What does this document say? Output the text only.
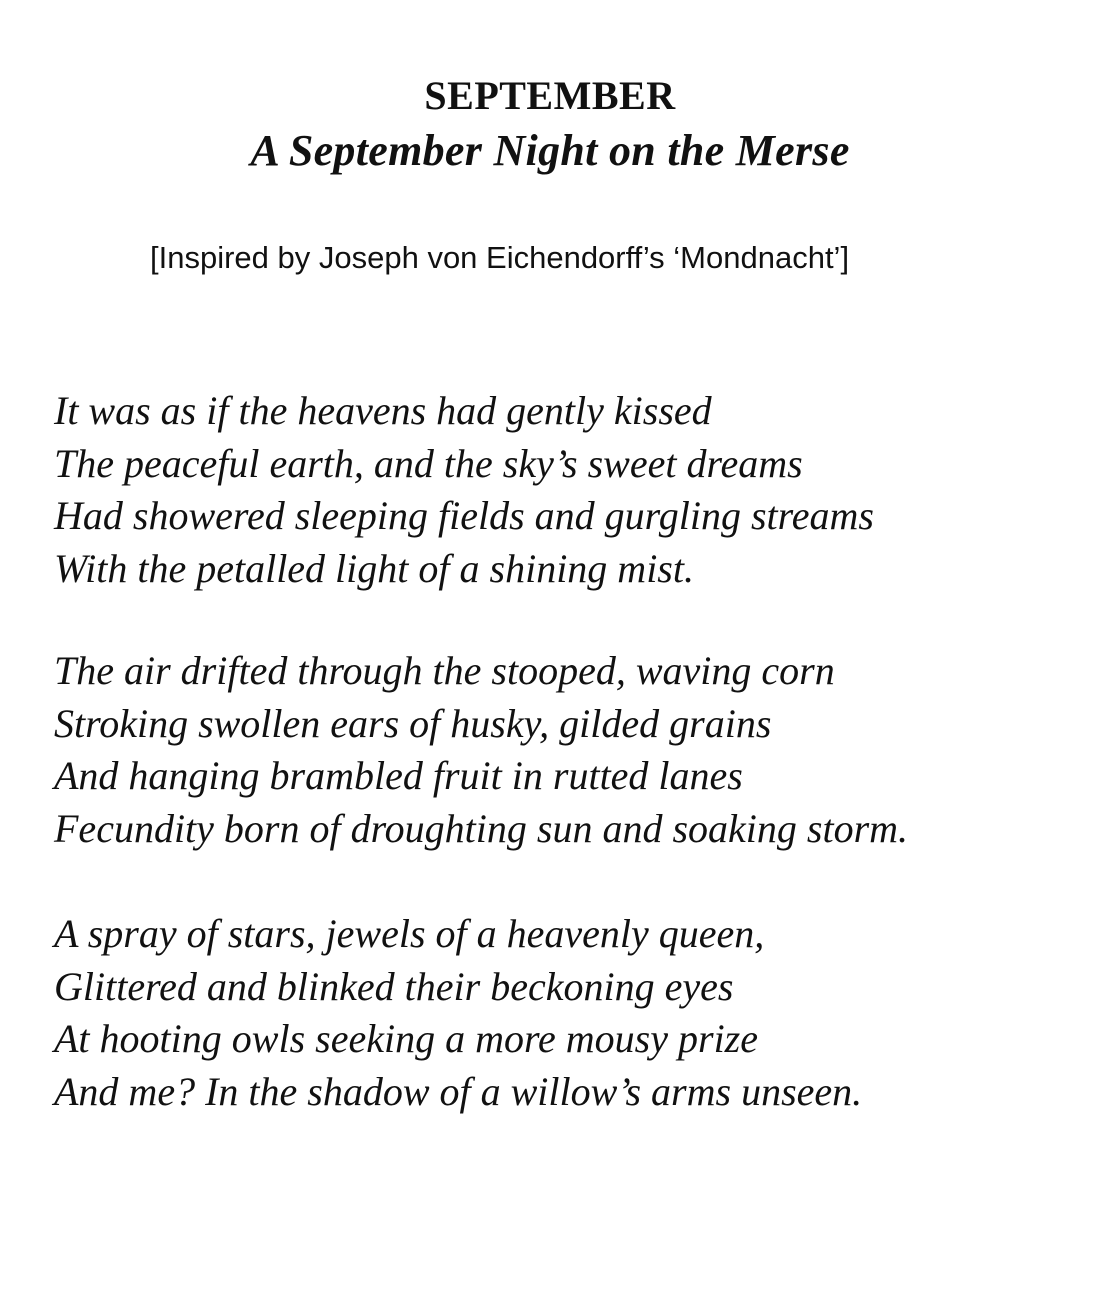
SEPTEMBER
A September Night on the Merse
[Inspired by Joseph von Eichendorff’s ‘Mondnacht’]
It was as if the heavens had gently kissed
The peaceful earth, and the sky’s sweet dreams
Had showered sleeping fields and gurgling streams
With the petalled light of a shining mist.
The air drifted through the stooped, waving corn
Stroking swollen ears of husky, gilded grains
And hanging brambled fruit in rutted lanes
Fecundity born of droughting sun and soaking storm.
A spray of stars, jewels of a heavenly queen,
Glittered and blinked their beckoning eyes
At hooting owls seeking a more mousy prize
And me? In the shadow of a willow’s arms unseen.
